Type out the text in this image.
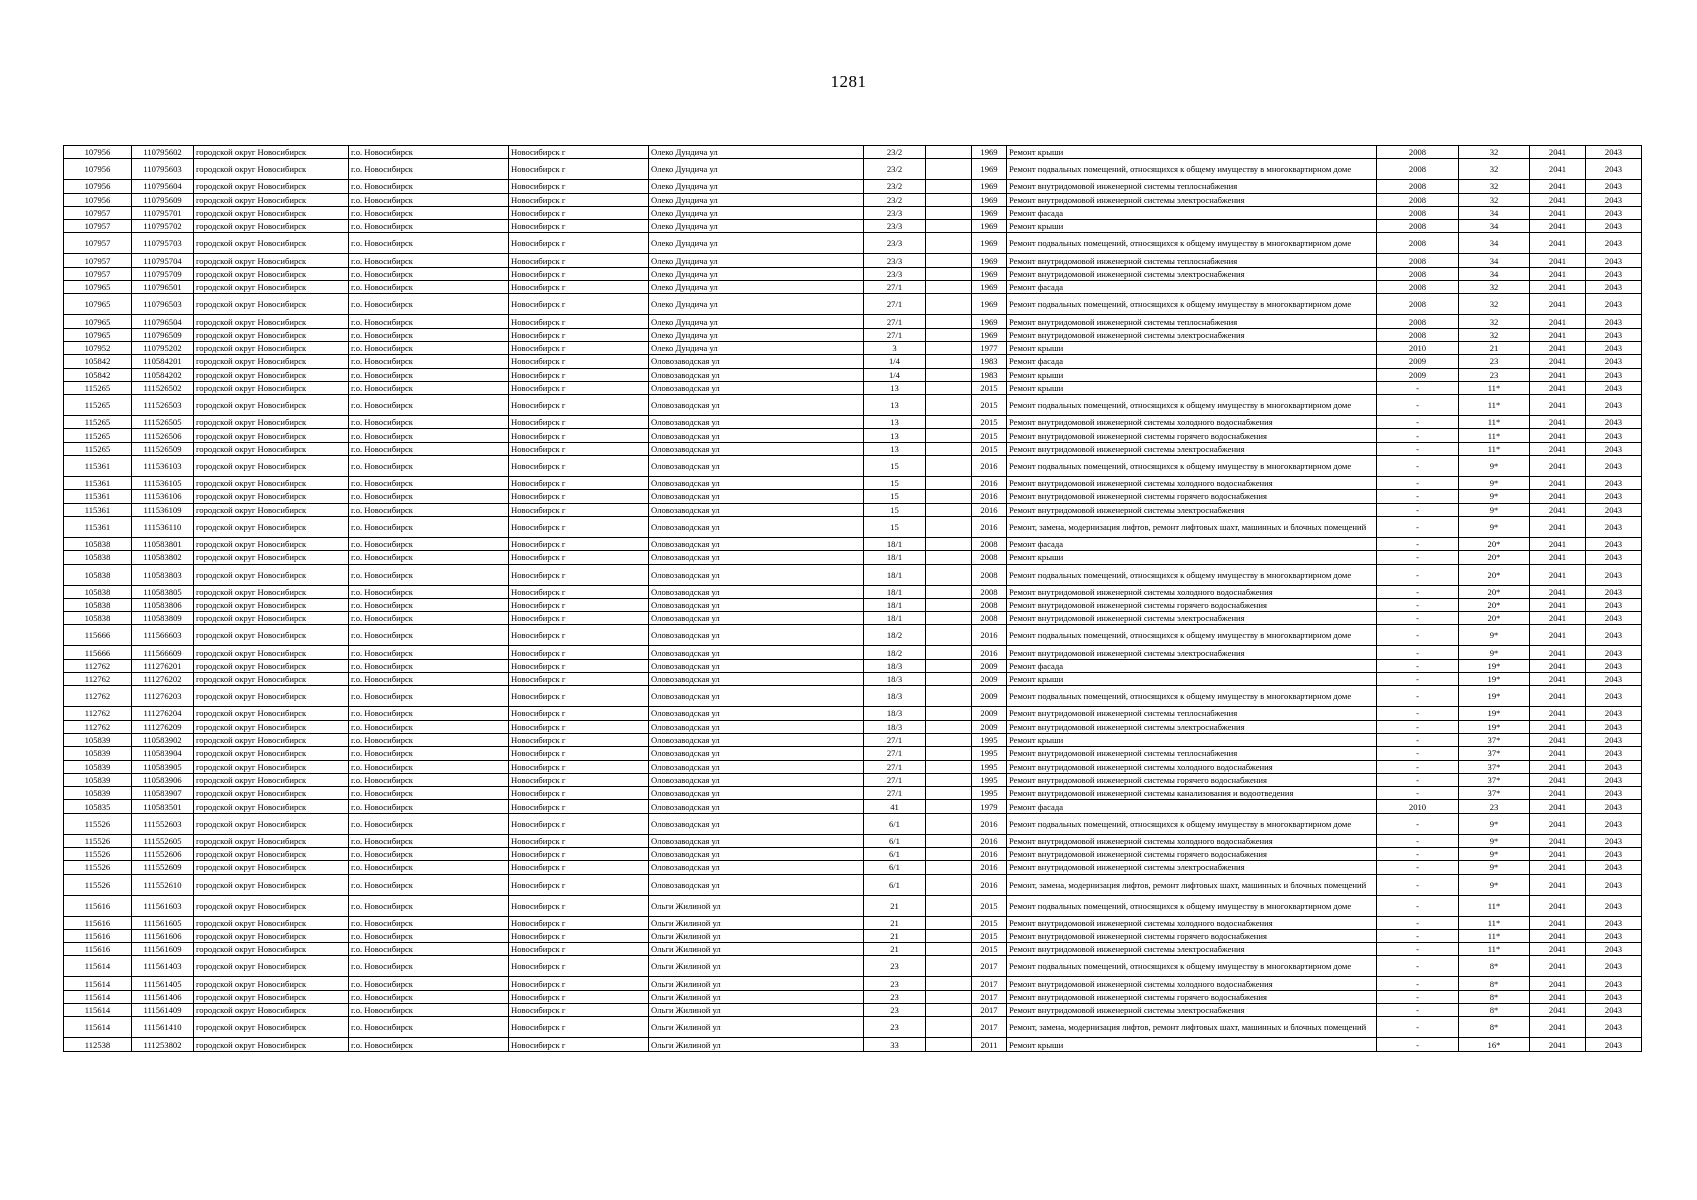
1281
107956	110795602	городской округ Новосибирск	г.о. Новосибирск	Новосибирск г	Олеко Дундича ул	23/2		1969	Ремонт крыши	2008	32	2041	2043
107956	110795603	городской округ Новосибирск	г.о. Новосибирск	Новосибирск г	Олеко Дундича ул	23/2		1969	Ремонт подвальных помещений, относящихся к общему имуществу в многоквартирном доме	2008	32	2041	2043
107956	110795604	городской округ Новосибирск	г.о. Новосибирск	Новосибирск г	Олеко Дундича ул	23/2		1969	Ремонт внутридомовой инженерной системы теплоснабжения	2008	32	2041	2043
107956	110795609	городской округ Новосибирск	г.о. Новосибирск	Новосибирск г	Олеко Дундича ул	23/2		1969	Ремонт внутридомовой инженерной системы электроснабжения	2008	32	2041	2043
107957	110795701	городской округ Новосибирск	г.о. Новосибирск	Новосибирск г	Олеко Дундича ул	23/3		1969	Ремонт фасада	2008	34	2041	2043
107957	110795702	городской округ Новосибирск	г.о. Новосибирск	Новосибирск г	Олеко Дундича ул	23/3		1969	Ремонт крыши	2008	34	2041	2043
107957	110795703	городской округ Новосибирск	г.о. Новосибирск	Новосибирск г	Олеко Дундича ул	23/3		1969	Ремонт подвальных помещений, относящихся к общему имуществу в многоквартирном доме	2008	34	2041	2043
107957	110795704	городской округ Новосибирск	г.о. Новосибирск	Новосибирск г	Олеко Дундича ул	23/3		1969	Ремонт внутридомовой инженерной системы теплоснабжения	2008	34	2041	2043
107957	110795709	городской округ Новосибирск	г.о. Новосибирск	Новосибирск г	Олеко Дундича ул	23/3		1969	Ремонт внутридомовой инженерной системы электроснабжения	2008	34	2041	2043
107965	110796501	городской округ Новосибирск	г.о. Новосибирск	Новосибирск г	Олеко Дундича ул	27/1		1969	Ремонт фасада	2008	32	2041	2043
107965	110796503	городской округ Новосибирск	г.о. Новосибирск	Новосибирск г	Олеко Дундича ул	27/1		1969	Ремонт подвальных помещений, относящихся к общему имуществу в многоквартирном доме	2008	32	2041	2043
107965	110796504	городской округ Новосибирск	г.о. Новосибирск	Новосибирск г	Олеко Дундича ул	27/1		1969	Ремонт внутридомовой инженерной системы теплоснабжения	2008	32	2041	2043
107965	110796509	городской округ Новосибирск	г.о. Новосибирск	Новосибирск г	Олеко Дундича ул	27/1		1969	Ремонт внутридомовой инженерной системы электроснабжения	2008	32	2041	2043
107952	110795202	городской округ Новосибирск	г.о. Новосибирск	Новосибирск г	Олеко Дундича ул	3		1977	Ремонт крыши	2010	21	2041	2043
105842	110584201	городской округ Новосибирск	г.о. Новосибирск	Новосибирск г	Оловозаводская ул	1/4		1983	Ремонт фасада	2009	23	2041	2043
105842	110584202	городской округ Новосибирск	г.о. Новосибирск	Новосибирск г	Оловозаводская ул	1/4		1983	Ремонт крыши	2009	23	2041	2043
115265	111526502	городской округ Новосибирск	г.о. Новосибирск	Новосибирск г	Оловозаводская ул	13		2015	Ремонт крыши	-	11*	2041	2043
115265	111526503	городской округ Новосибирск	г.о. Новосибирск	Новосибирск г	Оловозаводская ул	13		2015	Ремонт подвальных помещений, относящихся к общему имуществу в многоквартирном доме	-	11*	2041	2043
115265	111526505	городской округ Новосибирск	г.о. Новосибирск	Новосибирск г	Оловозаводская ул	13		2015	Ремонт внутридомовой инженерной системы холодного водоснабжения	-	11*	2041	2043
115265	111526506	городской округ Новосибирск	г.о. Новосибирск	Новосибирск г	Оловозаводская ул	13		2015	Ремонт внутридомовой инженерной системы горячего водоснабжения	-	11*	2041	2043
115265	111526509	городской округ Новосибирск	г.о. Новосибирск	Новосибирск г	Оловозаводская ул	13		2015	Ремонт внутридомовой инженерной системы электроснабжения	-	11*	2041	2043
115361	111536103	городской округ Новосибирск	г.о. Новосибирск	Новосибирск г	Оловозаводская ул	15		2016	Ремонт подвальных помещений, относящихся к общему имуществу в многоквартирном доме	-	9*	2041	2043
115361	111536105	городской округ Новосибирск	г.о. Новосибирск	Новосибирск г	Оловозаводская ул	15		2016	Ремонт внутридомовой инженерной системы холодного водоснабжения	-	9*	2041	2043
115361	111536106	городской округ Новосибирск	г.о. Новосибирск	Новосибирск г	Оловозаводская ул	15		2016	Ремонт внутридомовой инженерной системы горячего водоснабжения	-	9*	2041	2043
115361	111536109	городской округ Новосибирск	г.о. Новосибирск	Новосибирск г	Оловозаводская ул	15		2016	Ремонт внутридомовой инженерной системы электроснабжения	-	9*	2041	2043
115361	111536110	городской округ Новосибирск	г.о. Новосибирск	Новосибирск г	Оловозаводская ул	15		2016	Ремонт, замена, модернизация лифтов, ремонт лифтовых шахт, машинных и блочных помещений	-	9*	2041	2043
105838	110583801	городской округ Новосибирск	г.о. Новосибирск	Новосибирск г	Оловозаводская ул	18/1		2008	Ремонт фасада	-	20*	2041	2043
105838	110583802	городской округ Новосибирск	г.о. Новосибирск	Новосибирск г	Оловозаводская ул	18/1		2008	Ремонт крыши	-	20*	2041	2043
105838	110583803	городской округ Новосибирск	г.о. Новосибирск	Новосибирск г	Оловозаводская ул	18/1		2008	Ремонт подвальных помещений, относящихся к общему имуществу в многоквартирном доме	-	20*	2041	2043
105838	110583805	городской округ Новосибирск	г.о. Новосибирск	Новосибирск г	Оловозаводская ул	18/1		2008	Ремонт внутридомовой инженерной системы холодного водоснабжения	-	20*	2041	2043
105838	110583806	городской округ Новосибирск	г.о. Новосибирск	Новосибирск г	Оловозаводская ул	18/1		2008	Ремонт внутридомовой инженерной системы горячего водоснабжения	-	20*	2041	2043
105838	110583809	городской округ Новосибирск	г.о. Новосибирск	Новосибирск г	Оловозаводская ул	18/1		2008	Ремонт внутридомовой инженерной системы электроснабжения	-	20*	2041	2043
115666	111566603	городской округ Новосибирск	г.о. Новосибирск	Новосибирск г	Оловозаводская ул	18/2		2016	Ремонт подвальных помещений, относящихся к общему имуществу в многоквартирном доме	-	9*	2041	2043
115666	111566609	городской округ Новосибирск	г.о. Новосибирск	Новосибирск г	Оловозаводская ул	18/2		2016	Ремонт внутридомовой инженерной системы электроснабжения	-	9*	2041	2043
112762	111276201	городской округ Новосибирск	г.о. Новосибирск	Новосибирск г	Оловозаводская ул	18/3		2009	Ремонт фасада	-	19*	2041	2043
112762	111276202	городской округ Новосибирск	г.о. Новосибирск	Новосибирск г	Оловозаводская ул	18/3		2009	Ремонт крыши	-	19*	2041	2043
112762	111276203	городской округ Новосибирск	г.о. Новосибирск	Новосибирск г	Оловозаводская ул	18/3		2009	Ремонт подвальных помещений, относящихся к общему имуществу в многоквартирном доме	-	19*	2041	2043
112762	111276204	городской округ Новосибирск	г.о. Новосибирск	Новосибирск г	Оловозаводская ул	18/3		2009	Ремонт внутридомовой инженерной системы теплоснабжения	-	19*	2041	2043
112762	111276209	городской округ Новосибирск	г.о. Новосибирск	Новосибирск г	Оловозаводская ул	18/3		2009	Ремонт внутридомовой инженерной системы электроснабжения	-	19*	2041	2043
105839	110583902	городской округ Новосибирск	г.о. Новосибирск	Новосибирск г	Оловозаводская ул	27/1		1995	Ремонт крыши	-	37*	2041	2043
105839	110583904	городской округ Новосибирск	г.о. Новосибирск	Новосибирск г	Оловозаводская ул	27/1		1995	Ремонт внутридомовой инженерной системы теплоснабжения	-	37*	2041	2043
105839	110583905	городской округ Новосибирск	г.о. Новосибирск	Новосибирск г	Оловозаводская ул	27/1		1995	Ремонт внутридомовой инженерной системы холодного водоснабжения	-	37*	2041	2043
105839	110583906	городской округ Новосибирск	г.о. Новосибирск	Новосибирск г	Оловозаводская ул	27/1		1995	Ремонт внутридомовой инженерной системы горячего водоснабжения	-	37*	2041	2043
105839	110583907	городской округ Новосибирск	г.о. Новосибирск	Новосибирск г	Оловозаводская ул	27/1		1995	Ремонт внутридомовой инженерной системы канализования и водоотведения	-	37*	2041	2043
105835	110583501	городской округ Новосибирск	г.о. Новосибирск	Новосибирск г	Оловозаводская ул	41		1979	Ремонт фасада	2010	23	2041	2043
115526	111552603	городской округ Новосибирск	г.о. Новосибирск	Новосибирск г	Оловозаводская ул	6/1		2016	Ремонт подвальных помещений, относящихся к общему имуществу в многоквартирном доме	-	9*	2041	2043
115526	111552605	городской округ Новосибирск	г.о. Новосибирск	Новосибирск г	Оловозаводская ул	6/1		2016	Ремонт внутридомовой инженерной системы холодного водоснабжения	-	9*	2041	2043
115526	111552606	городской округ Новосибирск	г.о. Новосибирск	Новосибирск г	Оловозаводская ул	6/1		2016	Ремонт внутридомовой инженерной системы горячего водоснабжения	-	9*	2041	2043
115526	111552609	городской округ Новосибирск	г.о. Новосибирск	Новосибирск г	Оловозаводская ул	6/1		2016	Ремонт внутридомовой инженерной системы электроснабжения	-	9*	2041	2043
115526	111552610	городской округ Новосибирск	г.о. Новосибирск	Новосибирск г	Оловозаводская ул	6/1		2016	Ремонт, замена, модернизация лифтов, ремонт лифтовых шахт, машинных и блочных помещений	-	9*	2041	2043
115616	111561603	городской округ Новосибирск	г.о. Новосибирск	Новосибирск г	Ольги Жилиной ул	21		2015	Ремонт подвальных помещений, относящихся к общему имуществу в многоквартирном доме	-	11*	2041	2043
115616	111561605	городской округ Новосибирск	г.о. Новосибирск	Новосибирск г	Ольги Жилиной ул	21		2015	Ремонт внутридомовой инженерной системы холодного водоснабжения	-	11*	2041	2043
115616	111561606	городской округ Новосибирск	г.о. Новосибирск	Новосибирск г	Ольги Жилиной ул	21		2015	Ремонт внутридомовой инженерной системы горячего водоснабжения	-	11*	2041	2043
115616	111561609	городской округ Новосибирск	г.о. Новосибирск	Новосибирск г	Ольги Жилиной ул	21		2015	Ремонт внутридомовой инженерной системы электроснабжения	-	11*	2041	2043
115614	111561403	городской округ Новосибирск	г.о. Новосибирск	Новосибирск г	Ольги Жилиной ул	23		2017	Ремонт подвальных помещений, относящихся к общему имуществу в многоквартирном доме	-	8*	2041	2043
115614	111561405	городской округ Новосибирск	г.о. Новосибирск	Новосибирск г	Ольги Жилиной ул	23		2017	Ремонт внутридомовой инженерной системы холодного водоснабжения	-	8*	2041	2043
115614	111561406	городской округ Новосибирск	г.о. Новосибирск	Новосибирск г	Ольги Жилиной ул	23		2017	Ремонт внутридомовой инженерной системы горячего водоснабжения	-	8*	2041	2043
115614	111561409	городской округ Новосибирск	г.о. Новосибирск	Новосибирск г	Ольги Жилиной ул	23		2017	Ремонт внутридомовой инженерной системы электроснабжения	-	8*	2041	2043
115614	111561410	городской округ Новосибирск	г.о. Новосибирск	Новосибирск г	Ольги Жилиной ул	23		2017	Ремонт, замена, модернизация лифтов, ремонт лифтовых шахт, машинных и блочных помещений	-	8*	2041	2043
112538	111253802	городской округ Новосибирск	г.о. Новосибирск	Новосибирск г	Ольги Жилиной ул	33		2011	Ремонт крыши	-	16*	2041	2043
